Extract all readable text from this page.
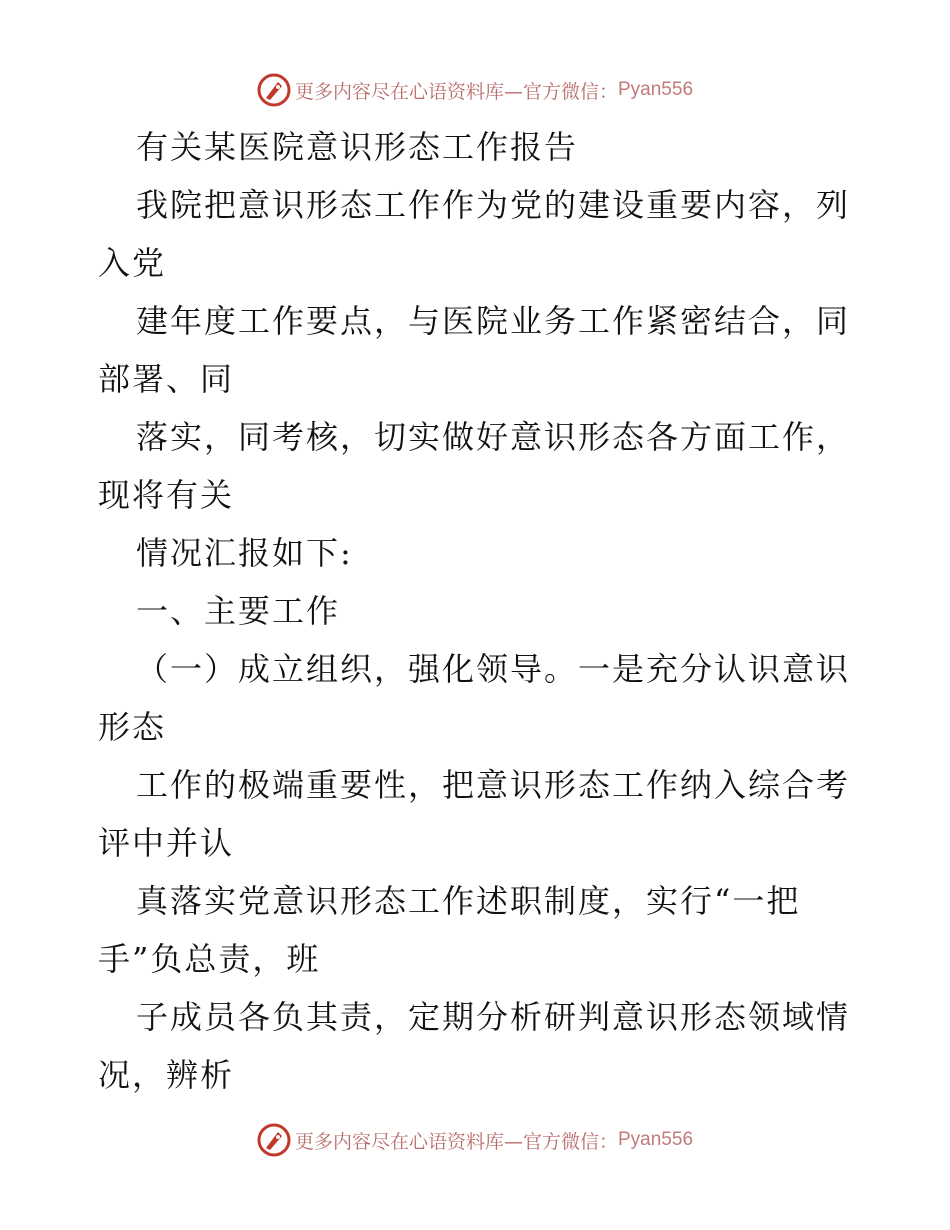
更多内容尽在心语资料库—官方微信： Pyan556
有关某医院意识形态工作报告
我院把意识形态工作作为党的建设重要内容，列
入党
建年度工作要点，与医院业务工作紧密结合，同
部署、同
落实，同考核，切实做好意识形态各方面工作，
现将有关
情况汇报如下:
一、主要工作
（一）成立组织，强化领导。一是充分认识意识
形态
工作的极端重要性，把意识形态工作纳入综合考
评中并认
真落实党意识形态工作述职制度，实行“一把
手”负总责，班
子成员各负其责，定期分析研判意识形态领域情
况，辨析
更多内容尽在心语资料库—官方微信： Pyan556
